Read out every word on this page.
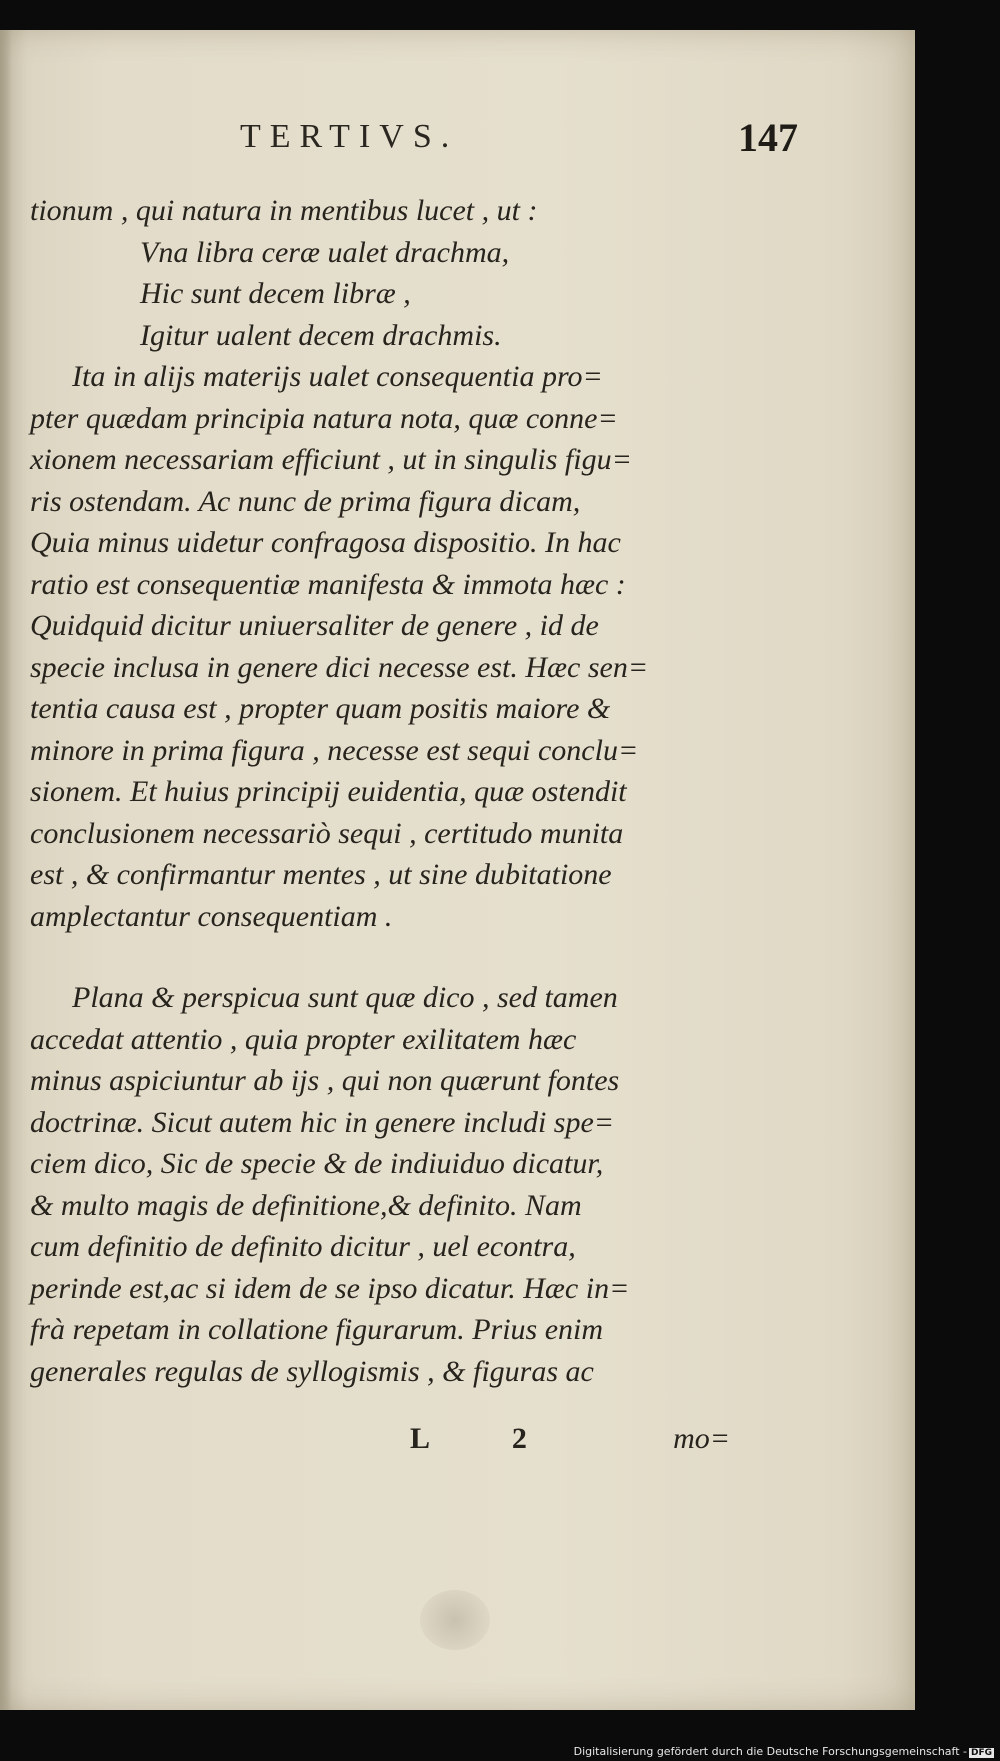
TERTIVS.	147
tionum , qui natura in mentibus lucet , ut :
Vna libra ceræ ualet drachma,
Hic sunt decem libræ ,
Igitur ualent decem drachmis.
Ita in alijs materijs ualet consequentia pro=
pter quædam principia natura nota, quæ conne=
xionem necessariam efficiunt , ut in singulis figu=
ris ostendam. Ac nunc de prima figura dicam,
Quia minus uidetur confragosa dispositio. In hac
ratio est consequentiæ manifesta & immota hæc :
Quidquid dicitur uniuersaliter de genere , id de
specie inclusa in genere dici necesse est. Hæc sen=
tentia causa est , propter quam positis maiore &
minore in prima figura , necesse est sequi conclu=
sionem. Et huius principij euidentia, quæ ostendit
conclusionem necessariò sequi , certitudo munita
est , & confirmantur mentes , ut sine dubitatione
amplectantur consequentiam .
Plana & perspicua sunt quæ dico , sed tamen
accedat attentio , quia propter exilitatem hæc
minus aspiciuntur ab ijs , qui non quærunt fontes
doctrinæ. Sicut autem hic in genere includi spe=
ciem dico, Sic de specie & de indiuiduo dicatur,
& multo magis de definitione,& definito. Nam
cum definitio de definito dicitur , uel econtra,
perinde est,ac si idem de se ipso dicatur. Hæc in=
frà repetam in collatione figurarum. Prius enim
generales regulas de syllogismis , & figuras ac
L 2	mo=
Digitalisierung gefördert durch die Deutsche Forschungsgemeinschaft - DFG
